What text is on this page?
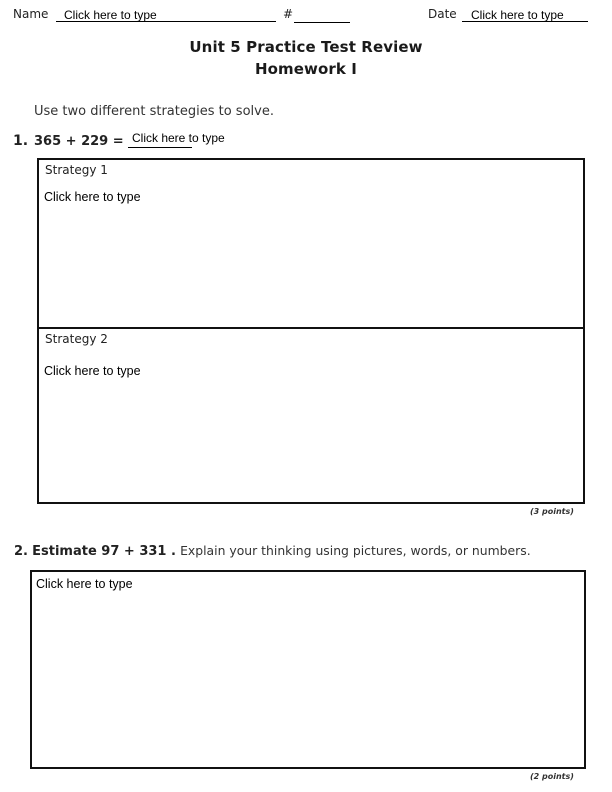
Name	Click here to type	#	Date	Click here to type
Unit 5 Practice Test Review
Homework I
Use two different strategies to solve.
1. 365 + 229 = Click here to type
Strategy 1
Click here to type
Strategy 2
Click here to type
(3 points)
2. Estimate 97 + 331 . Explain your thinking using pictures, words, or numbers.
Click here to type
(2 points)
